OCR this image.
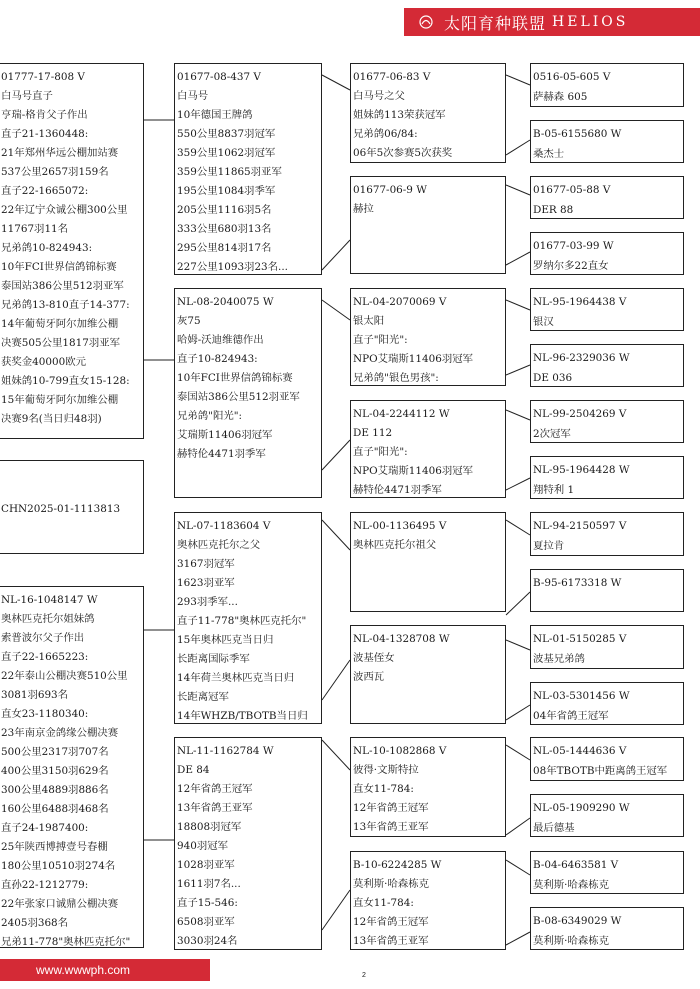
太阳育种联盟 HELIOS
01777-17-808 V
白马号直子
亨瑞-格肯父子作出
直子21-1360448:
21年郑州华远公棚加站赛
537公里2657羽159名
直子22-1665072:
22年辽宁众诚公棚300公里
11767羽11名
兄弟鸽10-824943:
10年FCI世界信鸽锦标赛
泰国站386公里512羽亚军
兄弟鸽13-810直子14-377:
14年葡萄牙阿尔加维公棚
决赛505公里1817羽亚军
获奖金40000欧元
姐妹鸽10-799直女15-128:
15年葡萄牙阿尔加维公棚
决赛9名(当日归48羽)
CHN2025-01-1113813
NL-16-1048147 W
奥林匹克托尔姐妹鸽
索普波尔父子作出
直子22-1665223:
22年泰山公棚决赛510公里
3081羽693名
直女23-1180340:
23年南京金鸽缘公棚决赛
500公里2317羽707名
400公里3150羽629名
300公里4889羽886名
160公里6488羽468名
直子24-1987400:
25年陕西博搏壹号春棚
180公里10510羽274名
直孙22-1212779:
22年张家口诚鼎公棚决赛
2405羽368名
兄弟11-778"奥林匹克托尔"
01677-08-437 V
白马号
10年德国王牌鸽
550公里8837羽冠军
359公里1062羽冠军
359公里11865羽亚军
195公里1084羽季军
205公里1116羽5名
333公里680羽13名
295公里814羽17名
227公里1093羽23名...
NL-08-2040075 W
灰75
哈姆-沃迪维德作出
直子10-824943:
10年FCI世界信鸽锦标赛
泰国站386公里512羽亚军
兄弟鸽"阳光":
艾瑞斯11406羽冠军
赫特伦4471羽季军
NL-07-1183604 V
奥林匹克托尔之父
3167羽冠军
1623羽亚军
293羽季军...
直子11-778"奥林匹克托尔"
15年奥林匹克当日归
长距离国际季军
14年荷兰奥林匹克当日归
长距离冠军
14年WHZB/TBOTB当日归
NL-11-1162784 W
DE 84
12年省鸽王冠军
13年省鸽王亚军
18808羽冠军
940羽冠军
1028羽亚军
1611羽7名...
直子15-546:
6508羽亚军
3030羽24名
01677-06-83 V
白马号之父
姐妹鸽113荣获冠军
兄弟鸽06/84:
06年5次参赛5次获奖
01677-06-9 W
赫拉
NL-04-2070069 V
银太阳
直子"阳光":
NPO艾瑞斯11406羽冠军
兄弟鸽"银色男孩":
NL-04-2244112 W
DE 112
直子"阳光":
NPO艾瑞斯11406羽冠军
赫特伦4471羽季军
NL-00-1136495 V
奥林匹克托尔祖父
NL-04-1328708 W
波基侄女
波西瓦
NL-10-1082868 V
彼得·文斯特拉
直女11-784:
12年省鸽王冠军
13年省鸽王亚军
B-10-6224285 W
莫利斯·哈森栋克
直女11-784:
12年省鸽王冠军
13年省鸽王亚军
0516-05-605 V
萨赫森 605
B-05-6155680 W
桑杰士
01677-05-88 V
DER 88
01677-03-99 W
罗纳尔多22直女
NL-95-1964438 V
银汉
NL-96-2329036 W
DE 036
NL-99-2504269 V
2次冠军
NL-95-1964428 W
翔特利 1
NL-94-2150597 V
夏拉肯
B-95-6173318 W
NL-01-5150285 V
波基兄弟鸽
NL-03-5301456 W
04年省鸽王冠军
NL-05-1444636 V
08年TBOTB中距离鸽王冠军
NL-05-1909290 W
最后德基
B-04-6463581 V
莫利斯·哈森栋克
B-08-6349029 W
莫利斯·哈森栋克
www.wwwph.com	2
